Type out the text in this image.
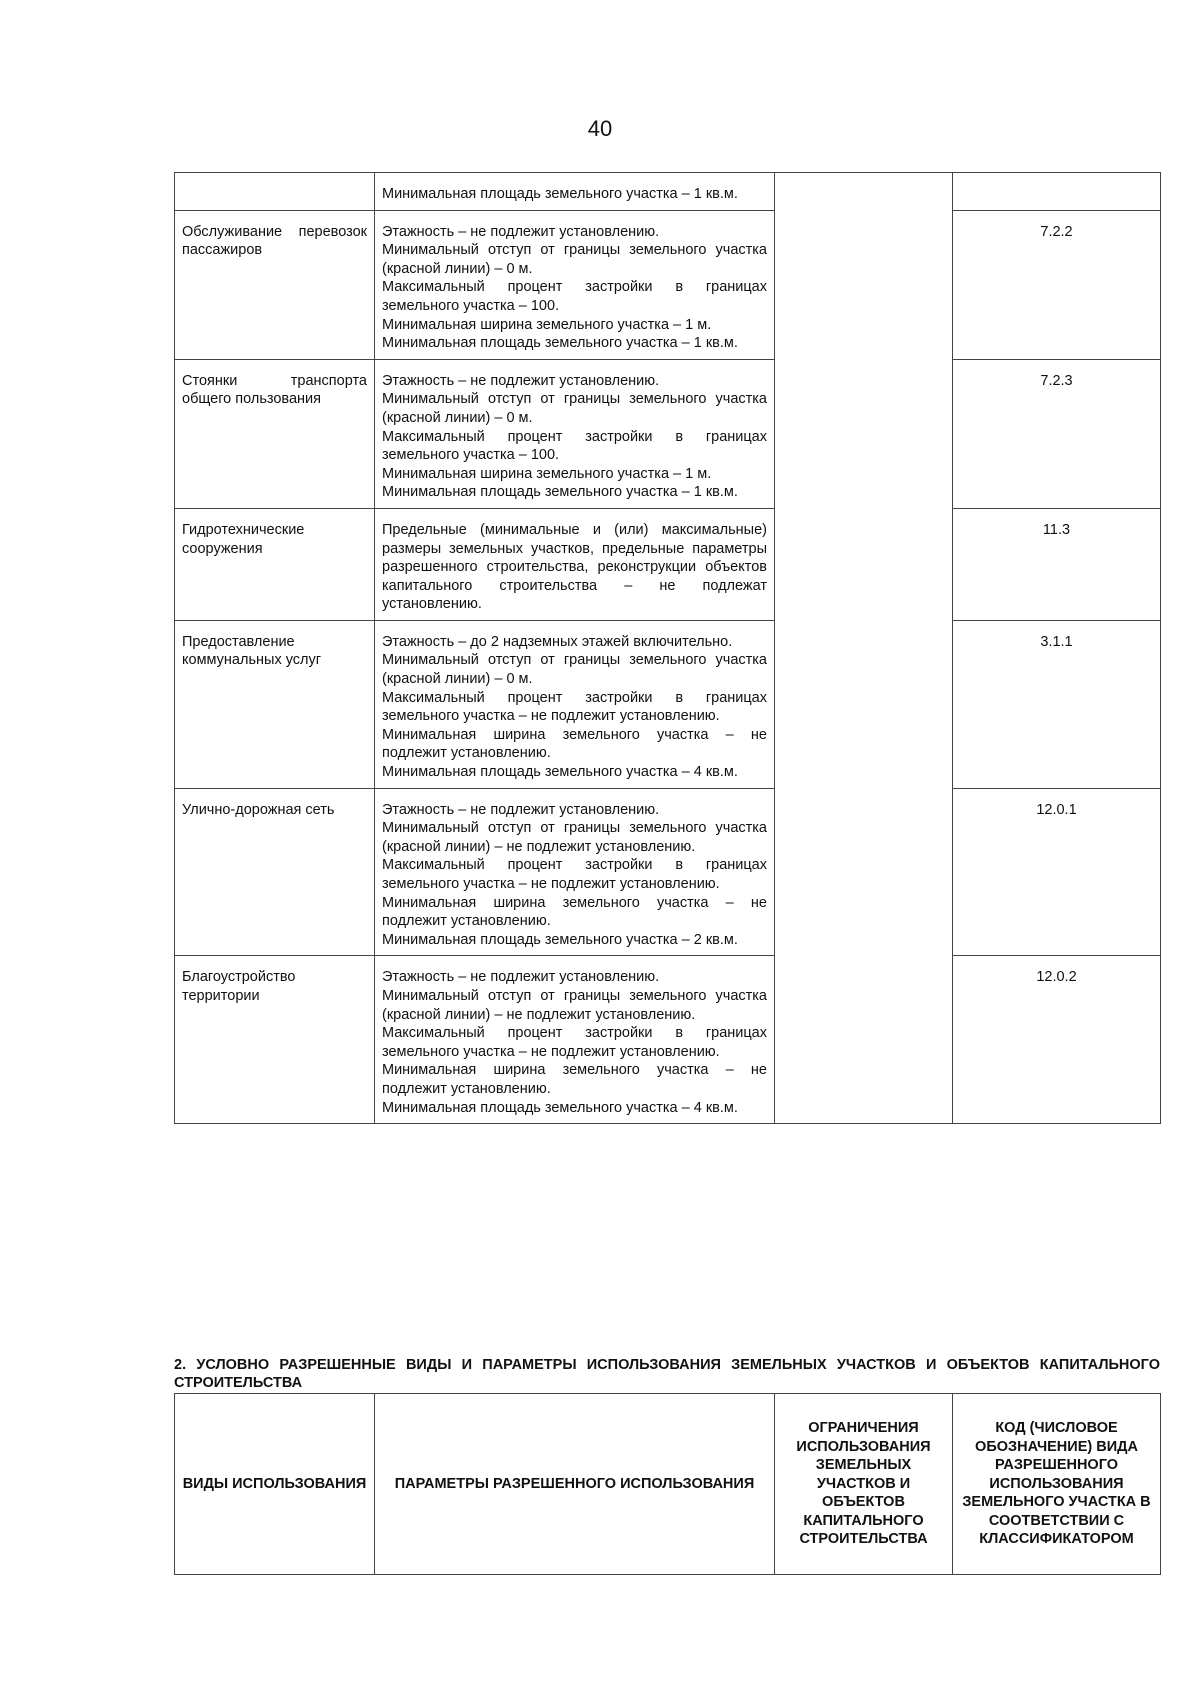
40

	Минимальная площадь земельного участка – 1 кв.м.		

Обслуживание перевозок пассажиров	Этажность – не подлежит установлению.
Минимальный отступ от границы земельного участка (красной линии) – 0 м.
Максимальный процент застройки в границах земельного участка – 100.
Минимальная ширина земельного участка – 1 м.
Минимальная площадь земельного участка – 1 кв.м.		7.2.2
Стоянки транспорта общего пользования	Этажность – не подлежит установлению.
Минимальный отступ от границы земельного участка (красной линии) – 0 м.
Максимальный процент застройки в границах земельного участка – 100.
Минимальная ширина земельного участка – 1 м.
Минимальная площадь земельного участка – 1 кв.м.		7.2.3
Гидротехнические сооружения	Предельные (минимальные и (или) максимальные) размеры земельных участков, предельные параметры разрешенного строительства, реконструкции объектов капитального строительства – не подлежат установлению.		11.3
Предоставление коммунальных услуг	Этажность – до 2 надземных этажей включительно.
Минимальный отступ от границы земельного участка (красной линии) – 0 м.
Максимальный процент застройки в границах земельного участка – не подлежит установлению.
Минимальная ширина земельного участка – не подлежит установлению.
Минимальная площадь земельного участка – 4 кв.м.		3.1.1
Улично-дорожная сеть	Этажность – не подлежит установлению.
Минимальный отступ от границы земельного участка (красной линии) – не подлежит установлению.
Максимальный процент застройки в границах земельного участка – не подлежит установлению.
Минимальная ширина земельного участка – не подлежит установлению.
Минимальная площадь земельного участка – 2 кв.м.		12.0.1
Благоустройство территории	Этажность – не подлежит установлению.
Минимальный отступ от границы земельного участка (красной линии) – не подлежит установлению.
Максимальный процент застройки в границах земельного участка – не подлежит установлению.
Минимальная ширина земельного участка – не подлежит установлению.
Минимальная площадь земельного участка – 4 кв.м.		12.0.2
2. УСЛОВНО РАЗРЕШЕННЫЕ ВИДЫ И ПАРАМЕТРЫ ИСПОЛЬЗОВАНИЯ ЗЕМЕЛЬНЫХ УЧАСТКОВ И ОБЪЕКТОВ КАПИТАЛЬНОГО СТРОИТЕЛЬСТВА
ВИДЫ ИСПОЛЬЗОВАНИЯ	ПАРАМЕТРЫ РАЗРЕШЕННОГО ИСПОЛЬЗОВАНИЯ	ОГРАНИЧЕНИЯ ИСПОЛЬЗОВАНИЯ ЗЕМЕЛЬНЫХ УЧАСТКОВ И ОБЪЕКТОВ КАПИТАЛЬНОГО СТРОИТЕЛЬСТВА	КОД (ЧИСЛОВОЕ ОБОЗНАЧЕНИЕ) ВИДА РАЗРЕШЕННОГО ИСПОЛЬЗОВАНИЯ ЗЕМЕЛЬНОГО УЧАСТКА В СООТВЕТСТВИИ С КЛАССИФИКАТОРОМ
